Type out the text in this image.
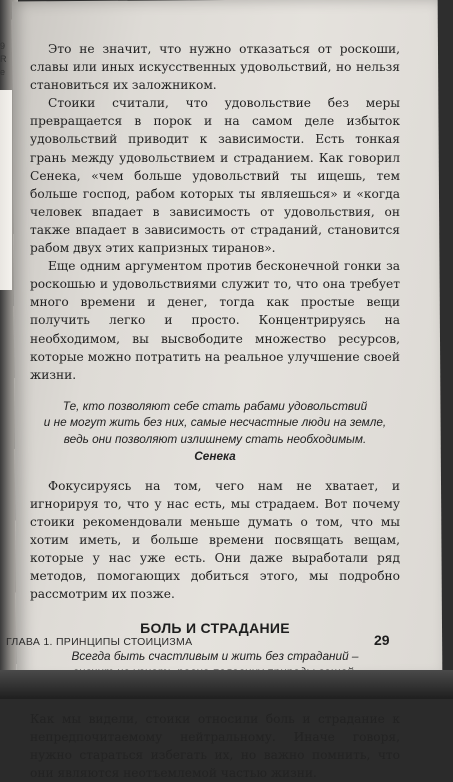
9
R
e

Это не значит, что нужно отказаться от роскоши, славы или иных искусственных удовольствий, но нельзя становиться их заложником.

Стоики считали, что удовольствие без меры превращается в порок и на самом деле избыток удовольствий приводит к зависимости. Есть тонкая грань между удовольствием и страданием. Как говорил Сенека, «чем больше удовольствий ты ищешь, тем больше господ, рабом которых ты являешься» и «когда человек впадает в зависимость от удовольствия, он также впадает в зависимость от страданий, становится рабом двух этих капризных тиранов».

Еще одним аргументом против бесконечной гонки за роскошью и удовольствиями служит то, что она требует много времени и денег, тогда как простые вещи получить легко и просто. Концентрируясь на необходимом, вы высвободите множество ресурсов, которые можно потратить на реальное улучшение своей жизни.

Те, кто позволяют себе стать рабами удовольствий
и не могут жить без них, самые несчастные люди на земле,
ведь они позволяют излишнему стать необходимым.
Сенека

Фокусируясь на том, чего нам не хватает, и игнорируя то, что у нас есть, мы страдаем. Вот почему стоики рекомендовали меньше думать о том, что мы хотим иметь, и больше времени посвящать вещам, которые у нас уже есть. Они даже выработали ряд методов, помогающих добиться этого, мы подробно рассмотрим их позже.

БОЛЬ И СТРАДАНИЕ
Всегда быть счастливым и жить без страданий –

Как мы видели, стоики относили боль и страдание к непредпочитаемому нейтральному. Иначе говоря, нужно стараться избегать их, но важно помнить, что они являются неотъемлемой частью жизни.

ГЛАВА 1. ПРИНЦИПЫ СТОИЦИЗМА	29
